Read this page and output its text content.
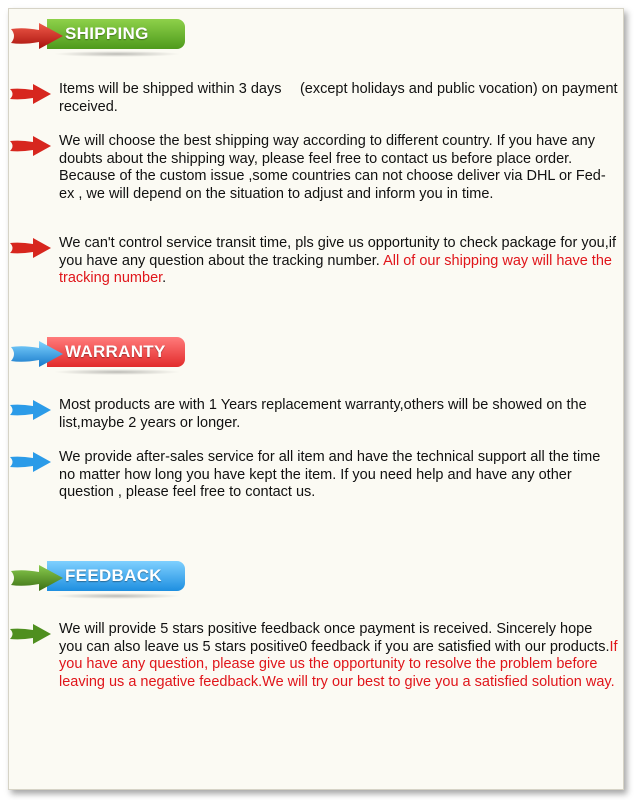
SHIPPING
Items will be shipped within 3 days 　(except holidays and public vocation) on payment received.
We will choose the best shipping way according to different country. If you have any doubts about the shipping way, please feel free to contact us before place order. Because of the custom issue ,some countries can not choose deliver via DHL or Fed-ex , we will depend on the situation to adjust and inform you in time.
We can't control service transit time, pls give us opportunity to check package for you,if you have any question about the tracking number. All of our shipping way will have the tracking number.
WARRANTY
Most products are with 1 Years replacement warranty,others will be showed on the list,maybe 2 years or longer.
We provide after-sales service for all item and have the technical support all the time no matter how long you have kept the item. If you need help and have any other question , please feel free to contact us.
FEEDBACK
We will provide 5 stars positive feedback once payment is received. Sincerely hope you can also leave us 5 stars positive0 feedback if you are satisfied with our products.If you have any question, please give us the opportunity to resolve the problem before leaving us a negative feedback.We will try our best to give you a satisfied solution way.
